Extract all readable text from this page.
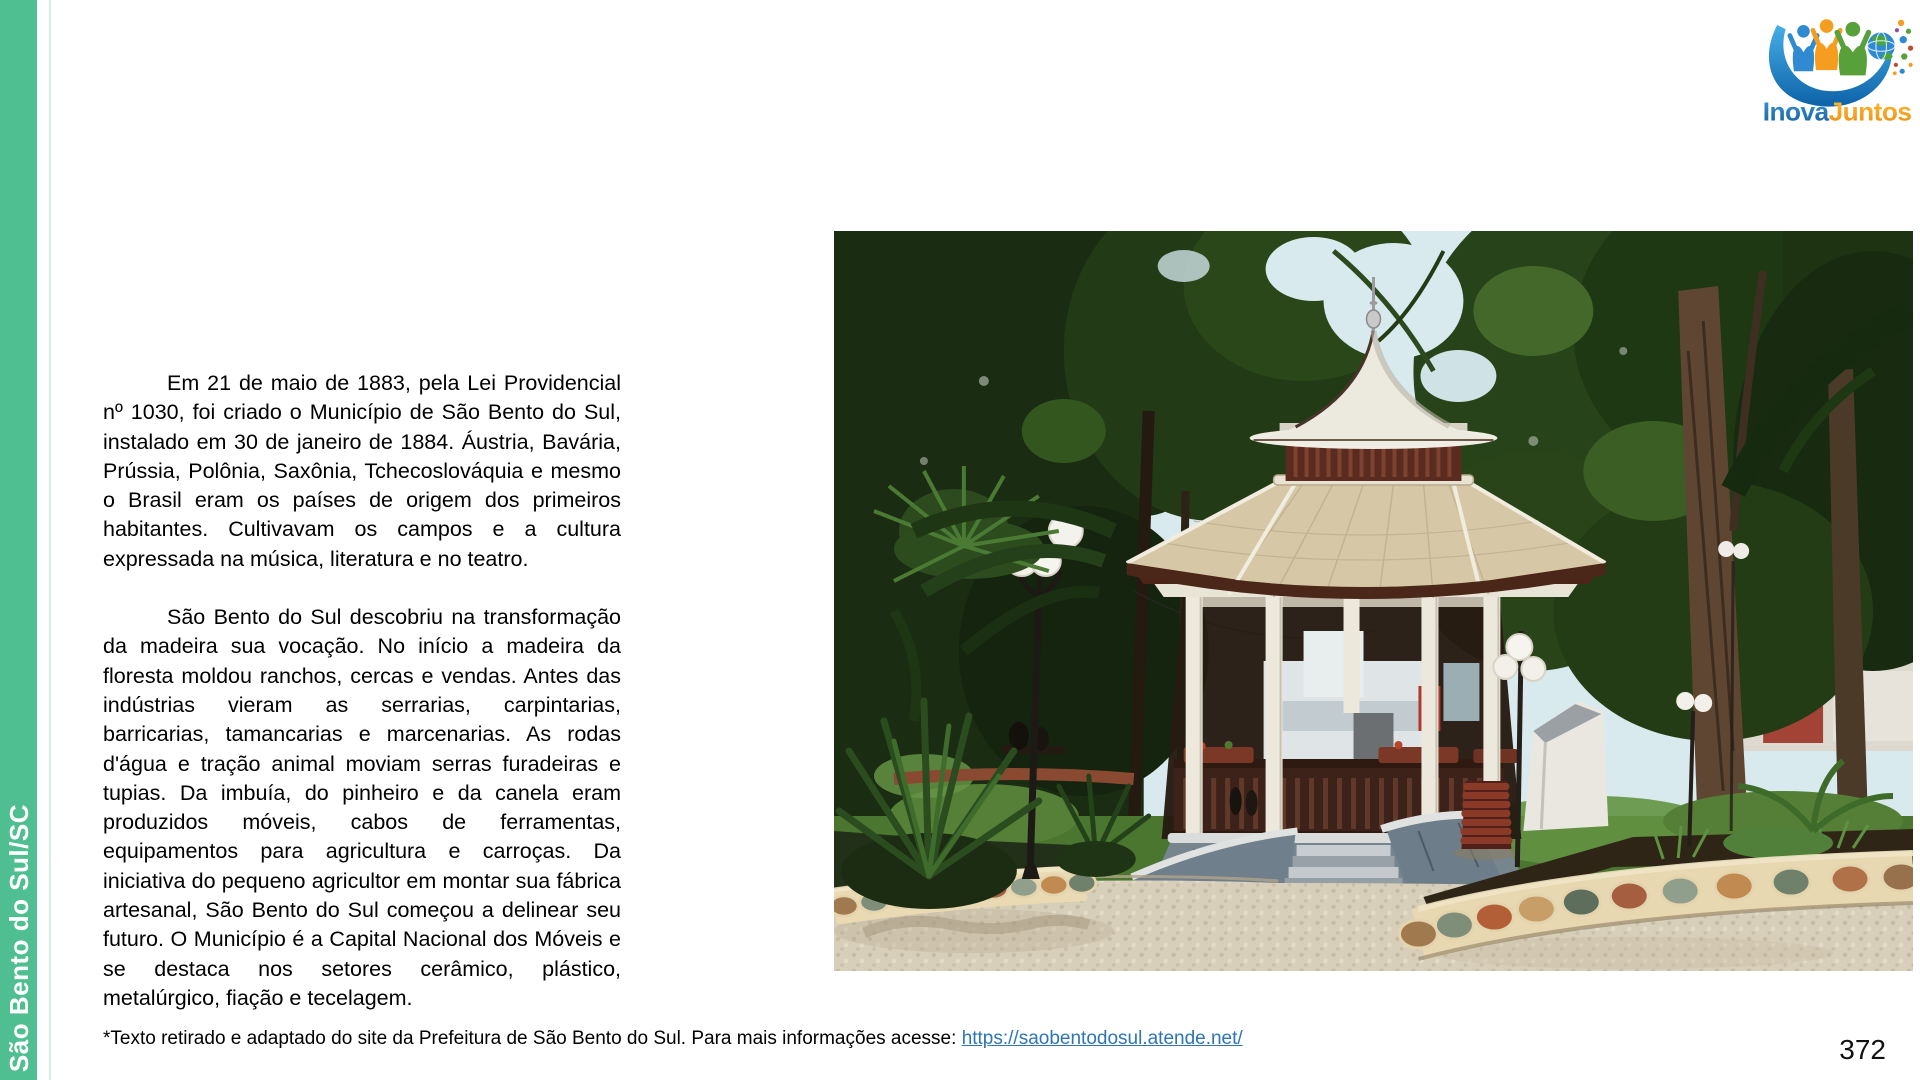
São Bento do Sul/SC
InovaJuntos

Em 21 de maio de 1883, pela Lei Providencial nº 1030, foi criado o Município de São Bento do Sul, instalado em 30 de janeiro de 1884. Áustria, Bavária, Prússia, Polônia, Saxônia, Tchecoslováquia e mesmo o Brasil eram os países de origem dos primeiros habitantes. Cultivavam os campos e a cultura expressada na música, literatura e no teatro.

São Bento do Sul descobriu na transformação da madeira sua vocação. No início a madeira da floresta moldou ranchos, cercas e vendas. Antes das indústrias vieram as serrarias, carpintarias, barricarias, tamancarias e marcenarias. As rodas d'água e tração animal moviam serras furadeiras e tupias. Da imbuía, do pinheiro e da canela eram produzidos móveis, cabos de ferramentas, equipamentos para agricultura e carroças. Da iniciativa do pequeno agricultor em montar sua fábrica artesanal, São Bento do Sul começou a delinear seu futuro. O Município é a Capital Nacional dos Móveis e se destaca nos setores cerâmico, plástico, metalúrgico, fiação e tecelagem.

*Texto retirado e adaptado do site da Prefeitura de São Bento do Sul. Para mais informações acesse: https://saobentodosul.atende.net/	372
